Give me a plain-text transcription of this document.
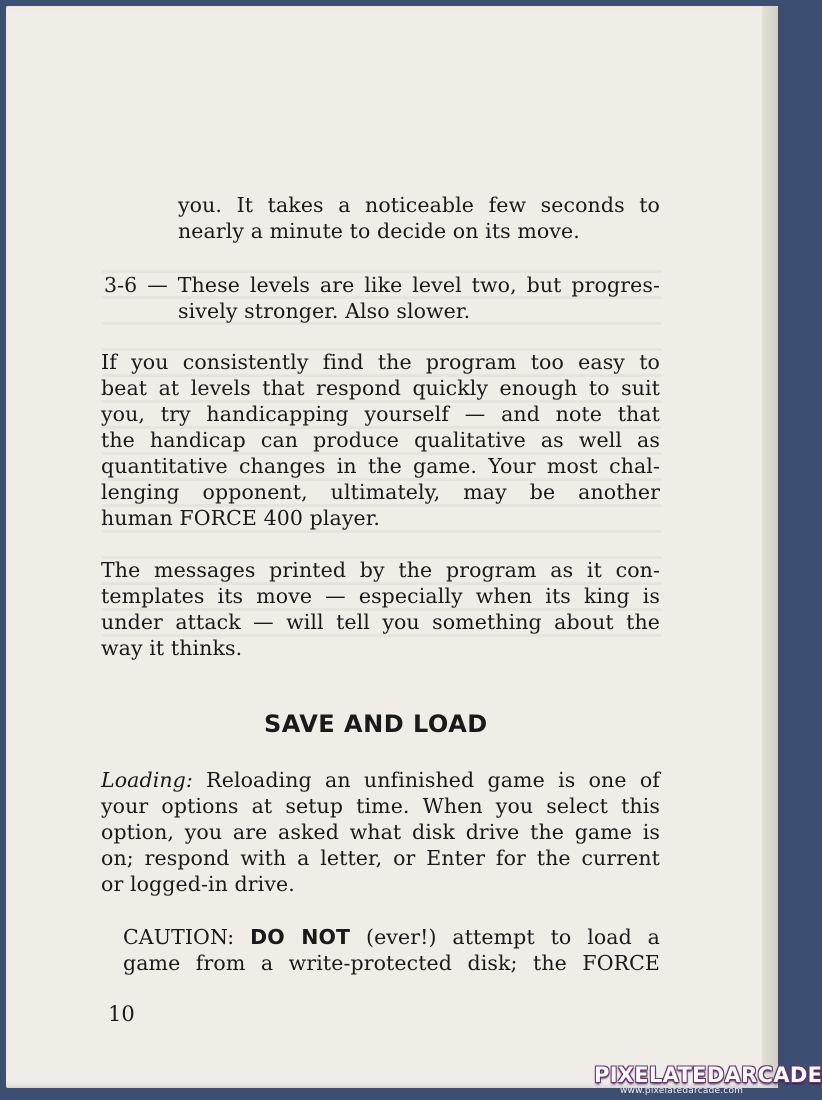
you. It takes a noticeable few seconds to
nearly a minute to decide on its move.
3-6 — These levels are like level two, but progres-
sively stronger. Also slower.
If you consistently find the program too easy to
beat at levels that respond quickly enough to suit
you, try handicapping yourself — and note that
the handicap can produce qualitative as well as
quantitative changes in the game. Your most chal-
lenging opponent, ultimately, may be another
human FORCE 400 player.
The messages printed by the program as it con-
templates its move — especially when its king is
under attack — will tell you something about the
way it thinks.
SAVE AND LOAD
Loading: Reloading an unfinished game is one of
your options at setup time. When you select this
option, you are asked what disk drive the game is
on; respond with a letter, or Enter for the current
or logged-in drive.
CAUTION: DO NOT (ever!) attempt to load a
game from a write-protected disk; the FORCE
10
PIXELATEDARCADE
www.pixelatedarcade.com
